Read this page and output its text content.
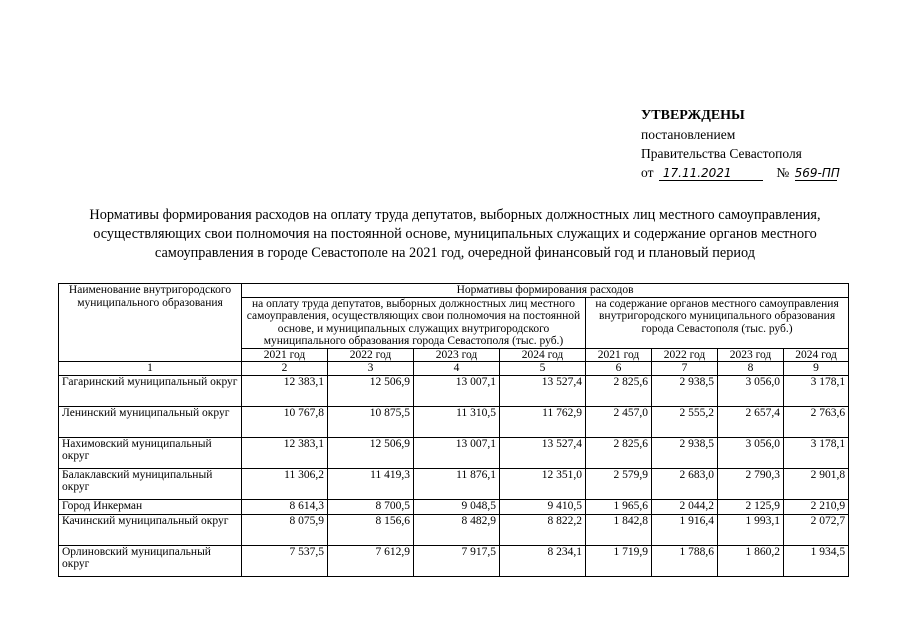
УТВЕРЖДЕНЫ
постановлением
Правительства Севастополя
от 17.11.2021	№ 569-ПП
Нормативы формирования расходов на оплату труда депутатов, выборных должностных лиц местного самоуправления, осуществляющих свои полномочия на постоянной основе, муниципальных служащих и содержание органов местного самоуправления в городе Севастополе на 2021 год, очередной финансовый год и плановый период
Наименование внутригородского муниципального образования	Нормативы формирования расходов							
	на оплату труда депутатов, выборных должностных лиц местного самоуправления, осуществляющих свои полномочия на постоянной основе, и муниципальных служащих внутригородского муниципального образования города Севастополя (тыс. руб.)				на содержание органов местного самоуправления внутригородского муниципального образования города Севастополя (тыс. руб.)			
	2021 год	2022 год	2023 год	2024 год	2021 год	2022 год	2023 год	2024 год
1	2	3	4	5	6	7	8	9
Гагаринский муниципальный округ	12 383,1	12 506,9	13 007,1	13 527,4	2 825,6	2 938,5	3 056,0	3 178,1
Ленинский муниципальный округ	10 767,8	10 875,5	11 310,5	11 762,9	2 457,0	2 555,2	2 657,4	2 763,6
Нахимовский муниципальный округ	12 383,1	12 506,9	13 007,1	13 527,4	2 825,6	2 938,5	3 056,0	3 178,1
Балаклавский муниципальный округ	11 306,2	11 419,3	11 876,1	12 351,0	2 579,9	2 683,0	2 790,3	2 901,8
Город Инкерман	8 614,3	8 700,5	9 048,5	9 410,5	1 965,6	2 044,2	2 125,9	2 210,9
Качинский муниципальный округ	8 075,9	8 156,6	8 482,9	8 822,2	1 842,8	1 916,4	1 993,1	2 072,7
Орлиновский муниципальный округ	7 537,5	7 612,9	7 917,5	8 234,1	1 719,9	1 788,6	1 860,2	1 934,5
